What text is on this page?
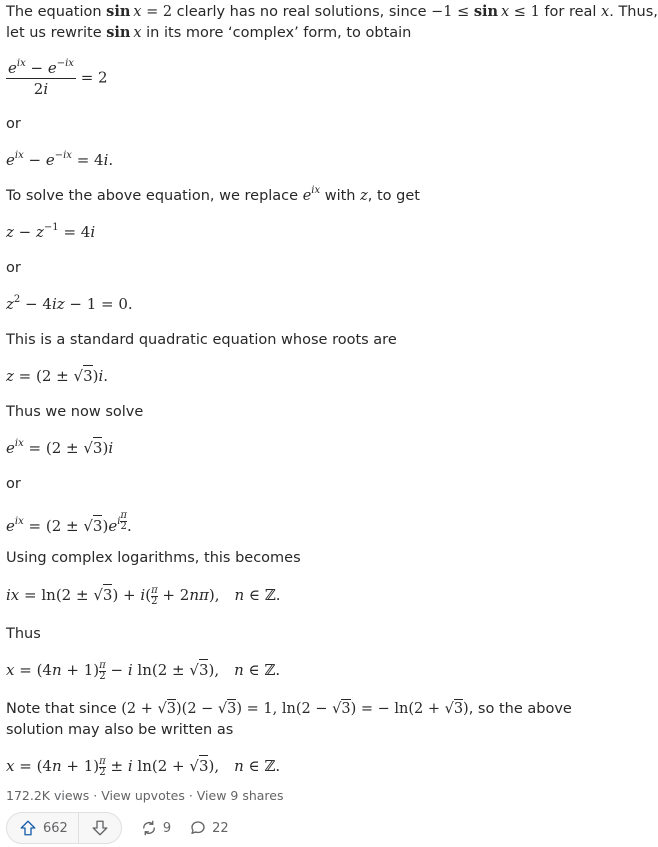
The equation sin  x = 2 clearly has no real solutions, since −1 ≤ sin  x ≤ 1 for real x. Thus,
let us rewrite sin  x in its more ‘complex’ form, to obtain
$\frac{e^{ix} - e^{-ix}}{2i} = 2$
or
$e^{ix} - e^{-ix} = 4i$.
To solve the above equation, we replace $e^{ix}$ with z, to get
$z - z^{-1} = 4i$
or
$z^2 - 4iz - 1 = 0$.
This is a standard quadratic equation whose roots are
z = (2 ± √3)i.
Thus we now solve
$e^{ix} = (2 \pm √3)i$
or
$e^{ix} = (2 \pm √3)e^{i \frac{\pi}{2}}$.
Using complex logarithms, this becomes
ix = $\ln(2 \pm √3) + i( \frac{\pi}{2} + 2n\pi)$, n ∈ ℤ.
Thus
$x = (4n + 1) \frac{\pi}{2} - i$ ln(2 ± √3), n ∈ ℤ.
Note that since (2 + √3)(2 − √3) = 1, ln(2 − √3) = − ln(2 + √3), so the above
solution may also be written as
$x = (4n + 1) \frac{\pi}{2} \pm i$ ln(2 + √3), n ∈ ℤ.
172.2K views · View upvotes · View 9 shares
662	9	22
